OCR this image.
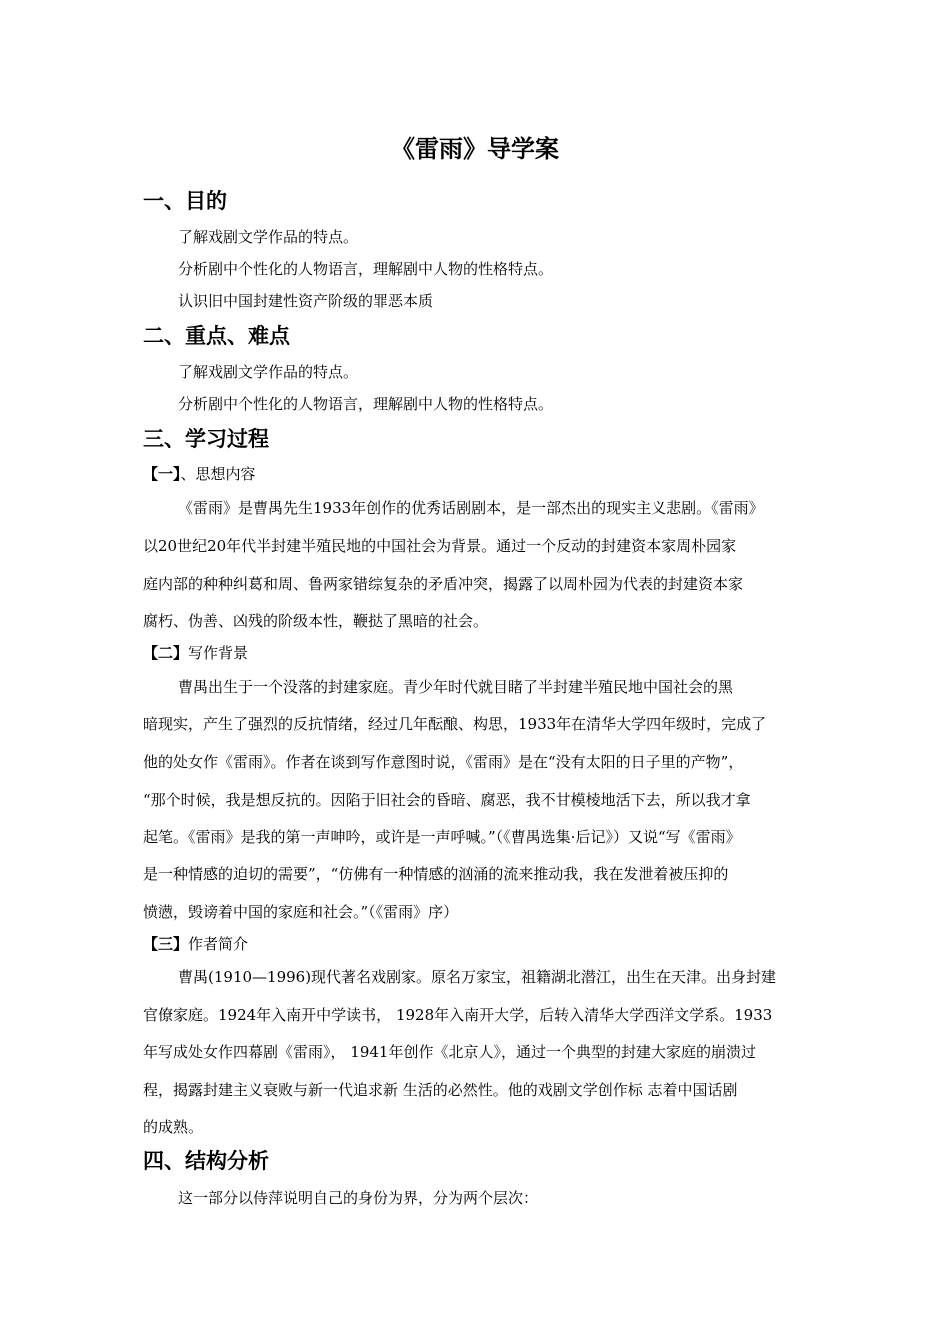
《雷雨》导学案
一、目的
了解戏剧文学作品的特点。
分析剧中个性化的人物语言，理解剧中人物的性格特点。
认识旧中国封建性资产阶级的罪恶本质
二、重点、难点
了解戏剧文学作品的特点。
分析剧中个性化的人物语言，理解剧中人物的性格特点。
三、学习过程
【一】、思想内容
《雷雨》是曹禺先生1933年创作的优秀话剧剧本，是一部杰出的现实主义悲剧。《雷雨》
以20世纪20年代半封建半殖民地的中国社会为背景。通过一个反动的封建资本家周朴园家
庭内部的种种纠葛和周、鲁两家错综复杂的矛盾冲突，揭露了以周朴园为代表的封建资本家
腐朽、伪善、凶残的阶级本性，鞭挞了黑暗的社会。
【二】写作背景
曹禺出生于一个没落的封建家庭。青少年时代就目睹了半封建半殖民地中国社会的黑
暗现实，产生了强烈的反抗情绪，经过几年酝酿、构思，1933年在清华大学四年级时，完成了
他的处女作《雷雨》。作者在谈到写作意图时说，《雷雨》是在“没有太阳的日子里的产物”，
“那个时候，我是想反抗的。因陷于旧社会的昏暗、腐恶，我不甘模棱地活下去，所以我才拿
起笔。《雷雨》是我的第一声呻吟，或许是一声呼喊。”（《曹禺选集·后记》）又说“写《雷雨》
是一种情感的迫切的需要”，“仿佛有一种情感的汹涌的流来推动我，我在发泄着被压抑的
愤懑，毁谤着中国的家庭和社会。”（《雷雨》序）
【三】作者简介
曹禺(1910—1996)现代著名戏剧家。原名万家宝，祖籍湖北潜江，出生在天津。出身封建
官僚家庭。1924年入南开中学读书， 1928年入南开大学，后转入清华大学西洋文学系。1933
年写成处女作四幕剧《雷雨》， 1941年创作《北京人》，通过一个典型的封建大家庭的崩溃过
程，揭露封建主义衰败与新一代追求新 生活的必然性。他的戏剧文学创作标 志着中国话剧
的成熟。
四、结构分析
这一部分以侍萍说明自己的身份为界，分为两个层次：
